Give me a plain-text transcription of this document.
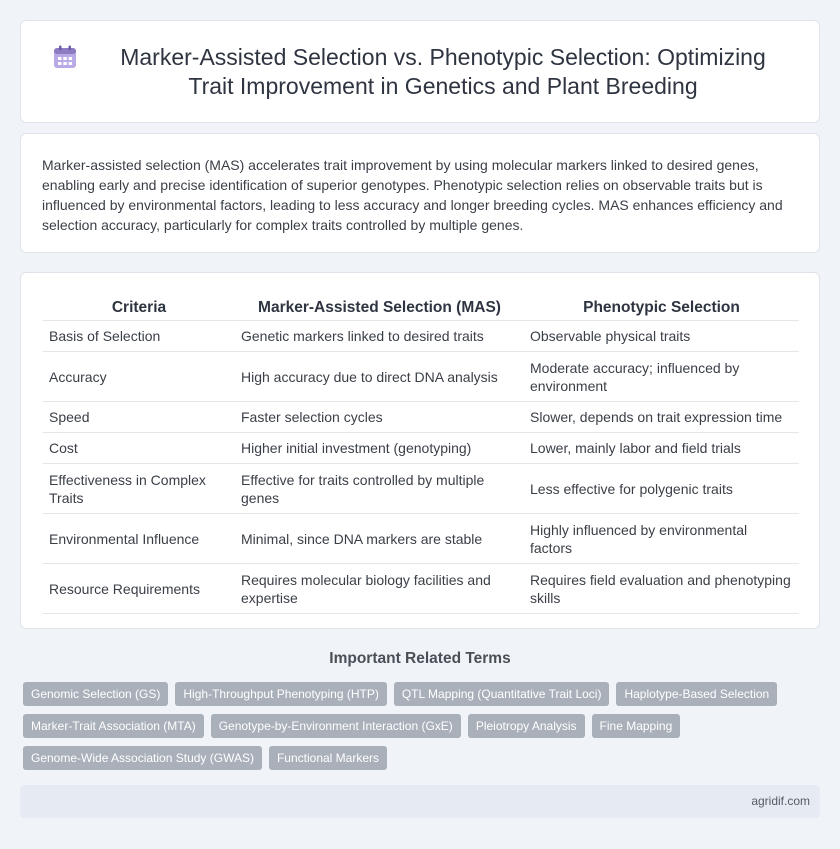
Marker-Assisted Selection vs. Phenotypic Selection: Optimizing Trait Improvement in Genetics and Plant Breeding

Marker-assisted selection (MAS) accelerates trait improvement by using molecular markers linked to desired genes, enabling early and precise identification of superior genotypes. Phenotypic selection relies on observable traits but is influenced by environmental factors, leading to less accuracy and longer breeding cycles. MAS enhances efficiency and selection accuracy, particularly for complex traits controlled by multiple genes.

Criteria	Marker-Assisted Selection (MAS)	Phenotypic Selection
Basis of Selection	Genetic markers linked to desired traits	Observable physical traits
Accuracy	High accuracy due to direct DNA analysis	Moderate accuracy; influenced by environment
Speed	Faster selection cycles	Slower, depends on trait expression time
Cost	Higher initial investment (genotyping)	Lower, mainly labor and field trials
Effectiveness in Complex Traits	Effective for traits controlled by multiple genes	Less effective for polygenic traits
Environmental Influence	Minimal, since DNA markers are stable	Highly influenced by environmental factors
Resource Requirements	Requires molecular biology facilities and expertise	Requires field evaluation and phenotyping skills
Important Related Terms
Genomic Selection (GS)	High-Throughput Phenotyping (HTP)	QTL Mapping (Quantitative Trait Loci)	Haplotype-Based Selection
Marker-Trait Association (MTA)	Genotype-by-Environment Interaction (GxE)	Pleiotropy Analysis	Fine Mapping
Genome-Wide Association Study (GWAS)	Functional Markers
agridif.com
